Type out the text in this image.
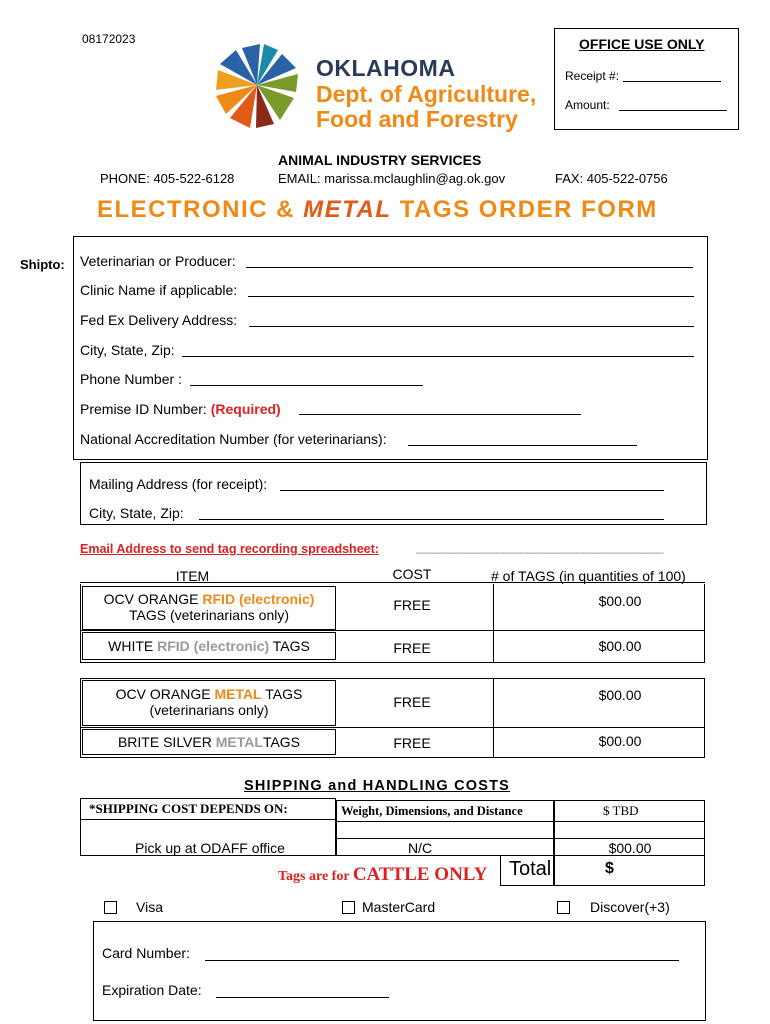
08172023
OKLAHOMA
Dept. of Agriculture,
Food and Forestry
OFFICE USE ONLY
Receipt #:
Amount:
ANIMAL INDUSTRY SERVICES
PHONE: 405-522-6128	EMAIL: marissa.mclaughlin@ag.ok.gov	FAX: 405-522-0756
ELECTRONIC & METAL TAGS ORDER FORM
Shipto: Veterinarian or Producer:
Clinic Name if applicable:
Fed Ex Delivery Address:
City, State, Zip:
Phone Number :
Premise ID Number: (Required)
National Accreditation Number (for veterinarians):
Mailing Address (for receipt):
City, State, Zip:
Email Address to send tag recording spreadsheet:	________________________________________
ITEM	COST	# of TAGS (in quantities of 100)
OCV ORANGE RFID (electronic)
TAGS (veterinarians only)
FREE	$00.00
WHITE RFID (electronic) TAGS	FREE	$00.00
OCV ORANGE METAL TAGS
(veterinarians only)	FREE	$00.00
BRITE SILVER METALTAGS	FREE	$00.00
SHIPPING and HANDLING COSTS
*SHIPPING COST DEPENDS ON:	Weight, Dimensions, and Distance	$ TBD
Pick up at ODAFF office	N/C	$00.00
Tags are for CATTLE ONLY Total	$
Visa	MasterCard	Discover(+3)
Card Number:
Expiration Date:
